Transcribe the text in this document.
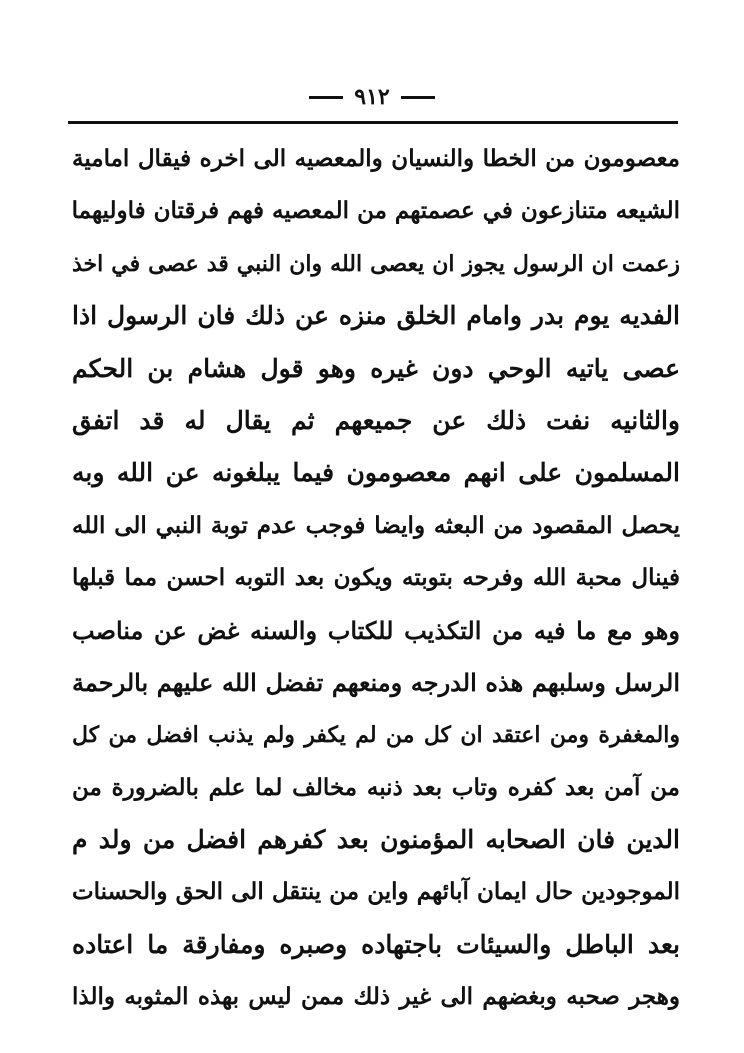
٩١٢
معصومون من الخطا والنسيان والمعصيه الى اخره فيقال امامية
الشيعه متنازعون في عصمتهم من المعصيه فهم فرقتان فاوليهما
زعمت ان الرسول يجوز ان يعصى الله وان النبي قد عصى في اخذ
الفديه يوم بدر وامام الخلق منزه عن ذلك فان الرسول اذا
عصى ياتيه الوحي دون غيره وهو قول هشام بن الحكم
والثانيه نفت ذلك عن جميعهم ثم يقال له قد اتفق
المسلمون على انهم معصومون فيما يبلغونه عن الله وبه
يحصل المقصود من البعثه وايضا فوجب عدم توبة النبي الى الله
فينال محبة الله وفرحه بتوبته ويكون بعد التوبه احسن مما قبلها
وهو مع ما فيه من التكذيب للكتاب والسنه غض عن مناصب
الرسل وسلبهم هذه الدرجه ومنعهم تفضل الله عليهم بالرحمة
والمغفرة ومن اعتقد ان كل من لم يكفر ولم يذنب افضل من كل
من آمن بعد كفره وتاب بعد ذنبه مخالف لما علم بالضرورة من
الدين فان الصحابه المؤمنون بعد كفرهم افضل من ولد م
الموجودين حال ايمان آبائهم واين من ينتقل الى الحق والحسنات
بعد الباطل والسيئات باجتهاده وصبره ومفارقة ما اعتاده
وهجر صحبه وبغضهم الى غير ذلك ممن ليس بهذه المثوبه والذا
